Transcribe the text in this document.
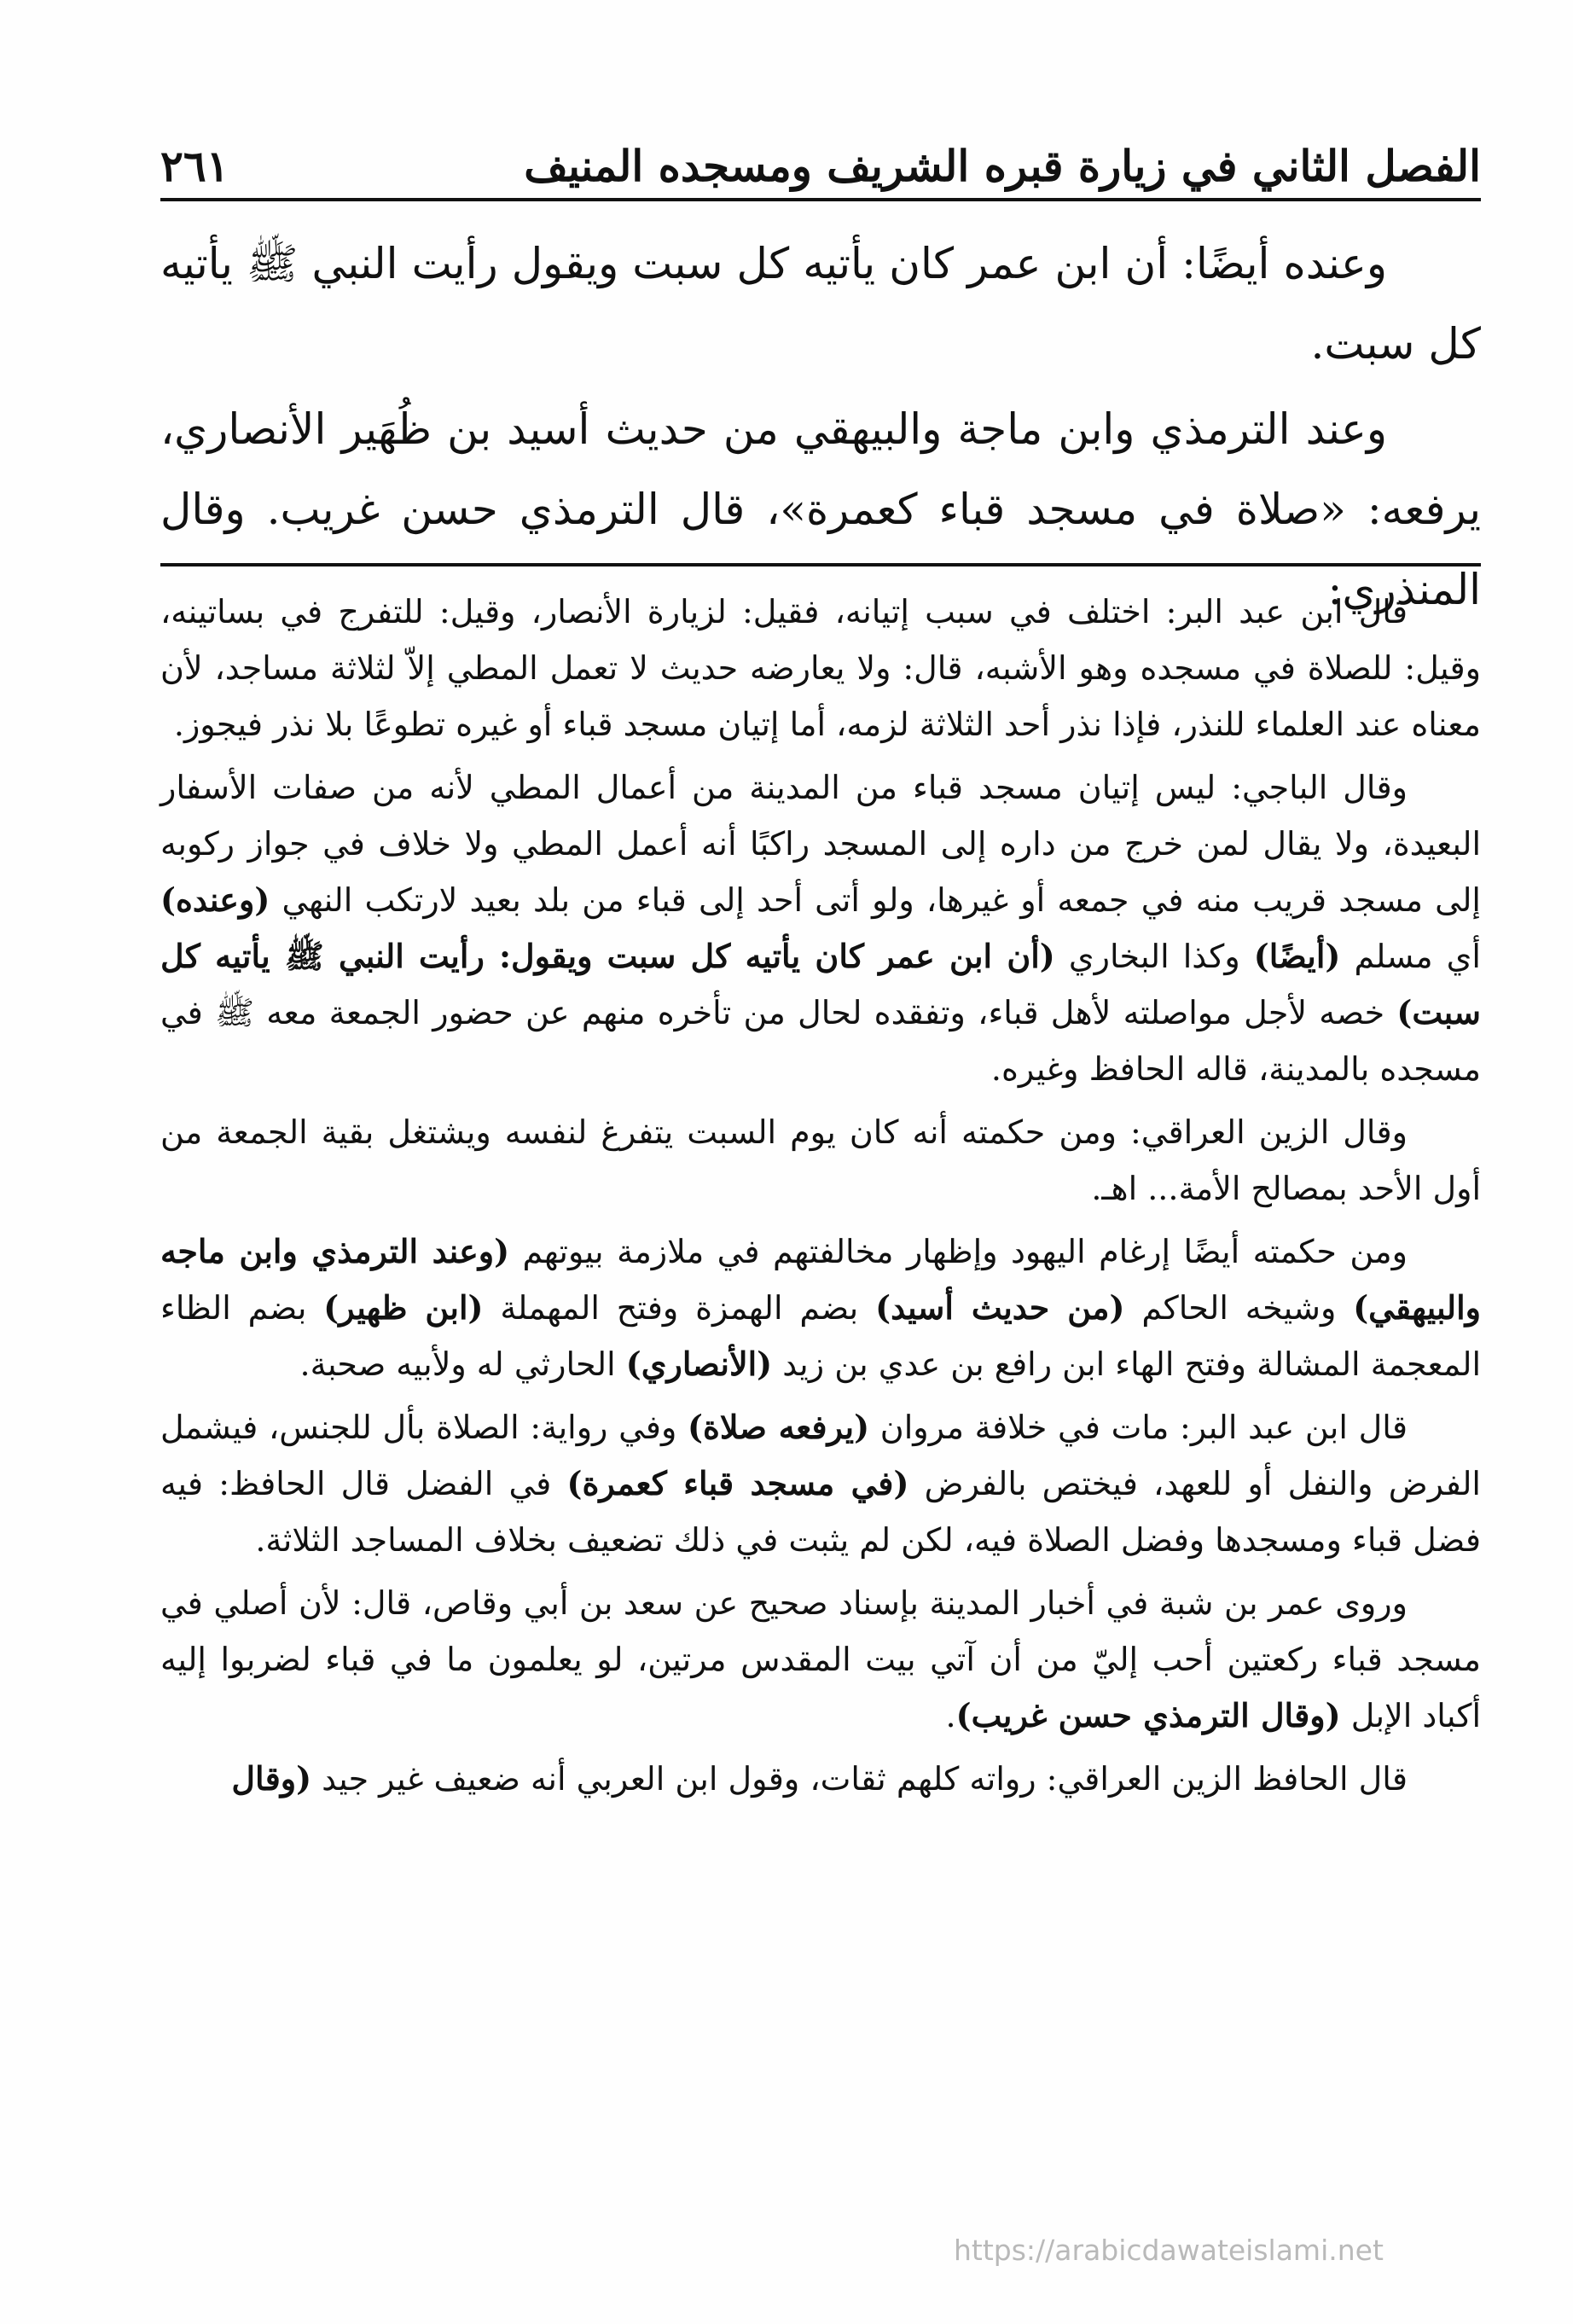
الفصل الثاني في زيارة قبره الشريف ومسجده المنيف
٢٦١

وعنده أيضًا: أن ابن عمر كان يأتيه كل سبت ويقول رأيت النبي ﷺ يأتيه كل سبت.

وعند الترمذي وابن ماجة والبيهقي من حديث أسيد بن ظُهَير الأنصاري، يرفعه: «صلاة في مسجد قباء كعمرة»، قال الترمذي حسن غريب. وقال المنذري:

قال ابن عبد البر: اختلف في سبب إتيانه، فقيل: لزيارة الأنصار، وقيل: للتفرج في بساتينه، وقيل: للصلاة في مسجده وهو الأشبه، قال: ولا يعارضه حديث لا تعمل المطي إلاّ لثلاثة مساجد، لأن معناه عند العلماء للنذر، فإذا نذر أحد الثلاثة لزمه، أما إتيان مسجد قباء أو غيره تطوعًا بلا نذر فيجوز.

وقال الباجي: ليس إتيان مسجد قباء من المدينة من أعمال المطي لأنه من صفات الأسفار البعيدة، ولا يقال لمن خرج من داره إلى المسجد راكبًا أنه أعمل المطي ولا خلاف في جواز ركوبه إلى مسجد قريب منه في جمعه أو غيرها، ولو أتى أحد إلى قباء من بلد بعيد لارتكب النهي (وعنده) أي مسلم (أيضًا) وكذا البخاري (أن ابن عمر كان يأتيه كل سبت ويقول: رأيت النبي ﷺ يأتيه كل سبت) خصه لأجل مواصلته لأهل قباء، وتفقده لحال من تأخره منهم عن حضور الجمعة معه ﷺ في مسجده بالمدينة، قاله الحافظ وغيره.

وقال الزين العراقي: ومن حكمته أنه كان يوم السبت يتفرغ لنفسه ويشتغل بقية الجمعة من أول الأحد بمصالح الأمة... اهـ.

ومن حكمته أيضًا إرغام اليهود وإظهار مخالفتهم في ملازمة بيوتهم (وعند الترمذي وابن ماجه والبيهقي) وشيخه الحاكم (من حديث أسيد) بضم الهمزة وفتح المهملة (ابن ظهير) بضم الظاء المعجمة المشالة وفتح الهاء ابن رافع بن عدي بن زيد (الأنصاري) الحارثي له ولأبيه صحبة.

قال ابن عبد البر: مات في خلافة مروان (يرفعه صلاة) وفي رواية: الصلاة بأل للجنس، فيشمل الفرض والنفل أو للعهد، فيختص بالفرض (في مسجد قباء كعمرة) في الفضل قال الحافظ: فيه فضل قباء ومسجدها وفضل الصلاة فيه، لكن لم يثبت في ذلك تضعيف بخلاف المساجد الثلاثة.

وروى عمر بن شبة في أخبار المدينة بإسناد صحيح عن سعد بن أبي وقاص، قال: لأن أصلي في مسجد قباء ركعتين أحب إليّ من أن آتي بيت المقدس مرتين، لو يعلمون ما في قباء لضربوا إليه أكباد الإبل (وقال الترمذي حسن غريب).

قال الحافظ الزين العراقي: رواته كلهم ثقات، وقول ابن العربي أنه ضعيف غير جيد (وقال

https://arabicdawateislami.net
